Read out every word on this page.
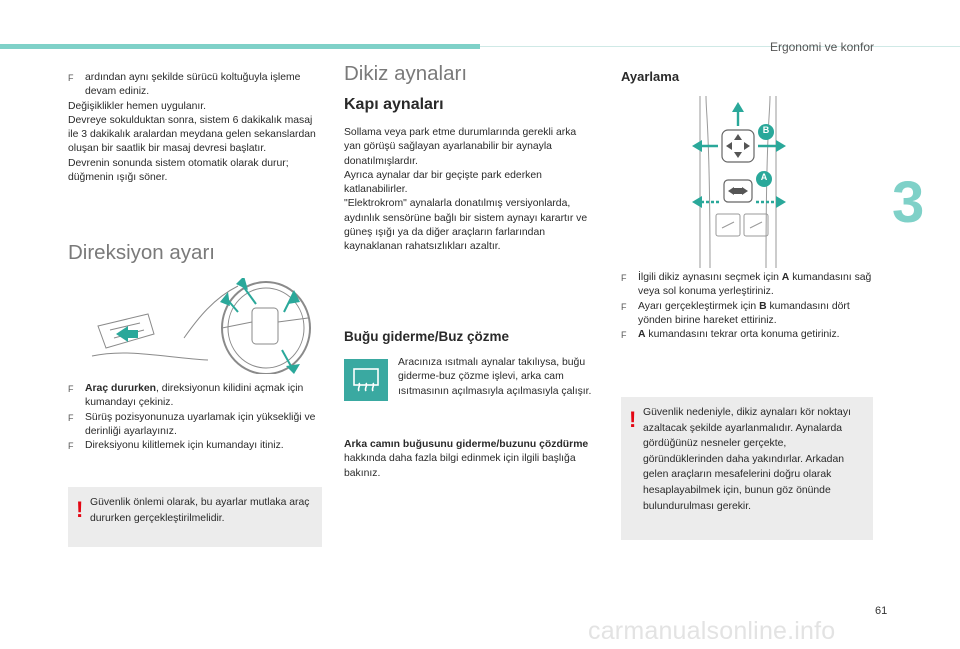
Ergonomi ve konfor
3

F ardından aynı şekilde sürücü koltuğuyla işleme devam ediniz.

Değişiklikler hemen uygulanır.

Devreye sokulduktan sonra, sistem 6 dakikalık masaj ile 3 dakikalık aralardan meydana gelen sekanslardan oluşan bir saatlik bir masaj devresi başlatır.

Devrenin sonunda sistem otomatik olarak durur; düğmenin ışığı söner.

Direksiyon ayarı

F Araç dururken, direksiyonun kilidini açmak için kumandayı çekiniz.

F Sürüş pozisyonunuza uyarlamak için yüksekliği ve derinliği ayarlayınız.

F Direksiyonu kilitlemek için kumandayı itiniz.

! Güvenlik önlemi olarak, bu ayarlar mutlaka araç dururken gerçekleştirilmelidir.

Dikiz aynaları
Kapı aynaları

Sollama veya park etme durumlarında gerekli arka yan görüşü sağlayan ayarlanabilir bir aynayla donatılmışlardır.

Ayrıca aynalar dar bir geçişte park ederken katlanabilirler.

"Elektrokrom" aynalarla donatılmış versiyonlarda, aydınlık sensörüne bağlı bir sistem aynayı karartır ve güneş ışığı ya da diğer araçların farlarından kaynaklanan rahatsızlıkları azaltır.

Buğu giderme/Buz çözme

Aracınıza ısıtmalı aynalar takılıysa, buğu giderme-buz çözme işlevi, arka cam ısıtmasının açılmasıyla açılmasıyla çalışır.

Arka camın buğusunu giderme/buzunu çözdürme hakkında daha fazla bilgi edinmek için ilgili başlığa bakınız.

Ayarlama
B
A

F İlgili dikiz aynasını seçmek için A kumandasını sağ veya sol konuma yerleştiriniz.

F Ayarı gerçekleştirmek için B kumandasını dört yönden birine hareket ettiriniz.

F A kumandasını tekrar orta konuma getiriniz.

! Güvenlik nedeniyle, dikiz aynaları kör noktayı azaltacak şekilde ayarlanmalıdır. Aynalarda gördüğünüz nesneler gerçekte, göründüklerinden daha yakındırlar. Arkadan gelen araçların mesafelerini doğru olarak hesaplayabilmek için, bunun göz önünde bulundurulması gerekir.

61
carmanualsonline.info
